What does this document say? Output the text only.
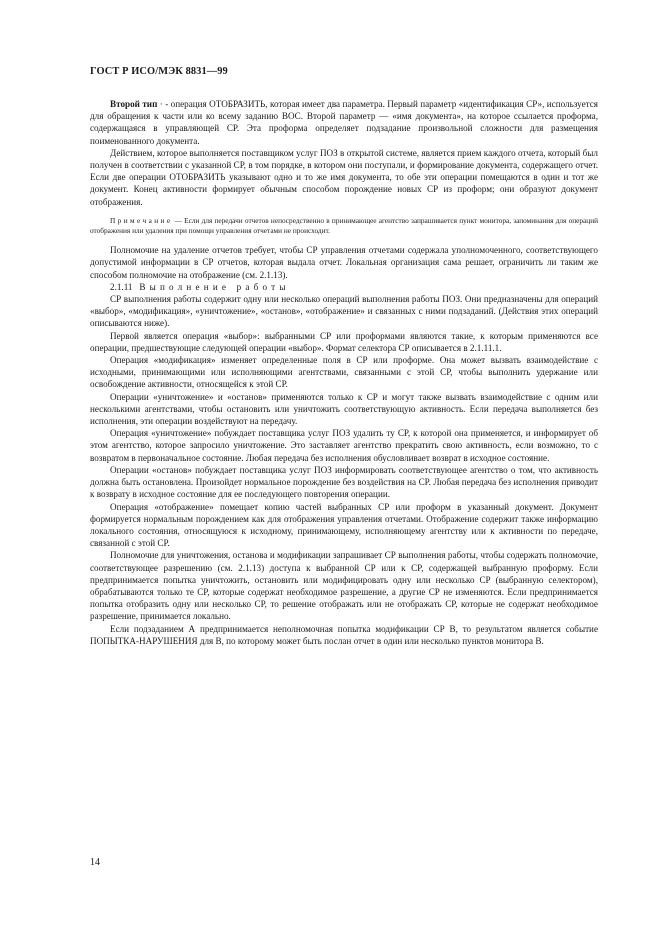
ГОСТ Р ИСО/МЭК 8831—99

Второй тип · - операция ОТОБРАЗИТЬ, которая имеет два параметра. Первый параметр «идентификация СР», используется для обращения к части или ко всему заданию ВОС. Второй параметр — «имя документа», на которое ссылается проформа, содержащаяся в управляющей СР. Эта проформа определяет подзадание произвольной сложности для размещения поименованного документа.

Действием, которое выполняется поставщиком услуг ПОЗ в открытой системе, является прием каждого отчета, который был получен в соответствии с указанной СР, в том порядке, в котором они поступали, и формирование документа, содержащего отчет. Если две операции ОТОБРАЗИТЬ указывают одно и то же имя документа, то обе эти операции помещаются в один и тот же документ. Конец активности формирует обычным способом порождение новых СР из проформ; они образуют документ отображения.

Примечание — Если для передачи отчетов непосредственно в принимающее агентство запрашивается пункт монитора, запоминания для операций отображения или удаления при помощи управления отчетами не происходит.

Полномочие на удаление отчетов требует, чтобы СР управления отчетами содержала уполномоченного, соответствующего допустимой информации в СР отчетов, которая выдала отчет. Локальная организация сама решает, ограничить ли таким же способом полномочие на отображение (см. 2.1.13).

2.1.11 Выполнение работы

СР выполнения работы содержит одну или несколько операций выполнения работы ПОЗ. Они предназначены для операций «выбор», «модификация», «уничтожение», «останов», «отображение» и связанных с ними подзаданий. (Действия этих операций описываются ниже).

Первой является операция «выбор»: выбранными СР или проформами являются такие, к которым применяются все операции, предшествующие следующей операции «выбор». Формат селектора СР описывается в 2.1.11.1.

Операция «модификация» изменяет определенные поля в СР или проформе. Она может вызвать взаимодействие с исходными, принимающими или исполняющими агентствами, связанными с этой СР, чтобы выполнить удержание или освобождение активности, относящейся к этой СР.

Операции «уничтожение» и «останов» применяются только к СР и могут также вызвать взаимодействие с одним или несколькими агентствами, чтобы остановить или уничтожить соответствующую активность. Если передача выполняется без исполнения, эти операции воздействуют на передачу.

Операция «уничтожение» побуждает поставщика услуг ПОЗ удалить ту СР, к которой она применяется, и информирует об этом агентство, которое запросило уничтожение. Это заставляет агентство прекратить свою активность, если возможно, то с возвратом в первоначальное состояние. Любая передача без исполнения обусловливает возврат в исходное состояние.

Операции «останов» побуждает поставщика услуг ПОЗ информировать соответствующее агентство о том, что активность должна быть остановлена. Произойдет нормальное порождение без воздействия на СР. Любая передача без исполнения приводит к возврату в исходное состояние для ее последующего повторения операции.

Операция «отображение» помещает копию частей выбранных СР или проформ в указанный документ. Документ формируется нормальным порождением как для отображения управления отчетами. Отображение содержит также информацию локального состояния, относящуюся к исходному, принимающему, исполняющему агентству или к активности по передаче, связанной с этой СР.

Полномочие для уничтожения, останова и модификации запрашивает СР выполнения работы, чтобы содержать полномочие, соответствующее разрешению (см. 2.1.13) доступа к выбранной СР или к СР, содержащей выбранную проформу. Если предпринимается попытка уничтожить, остановить или модифицировать одну или несколько СР (выбранную селектором), обрабатываются только те СР, которые содержат необходимое разрешение, а другие СР не изменяются. Если предпринимается попытка отобразить одну или несколько СР, то решение отображать или не отображать СР, которые не содержат необходимое разрешение, принимается локально.

Если подзаданием А предпринимается неполномочная попытка модификации СР В, то результатом является событие ПОПЫТКА-НАРУШЕНИЯ для В, по которому может быть послан отчет в один или несколько пунктов монитора В.

14
